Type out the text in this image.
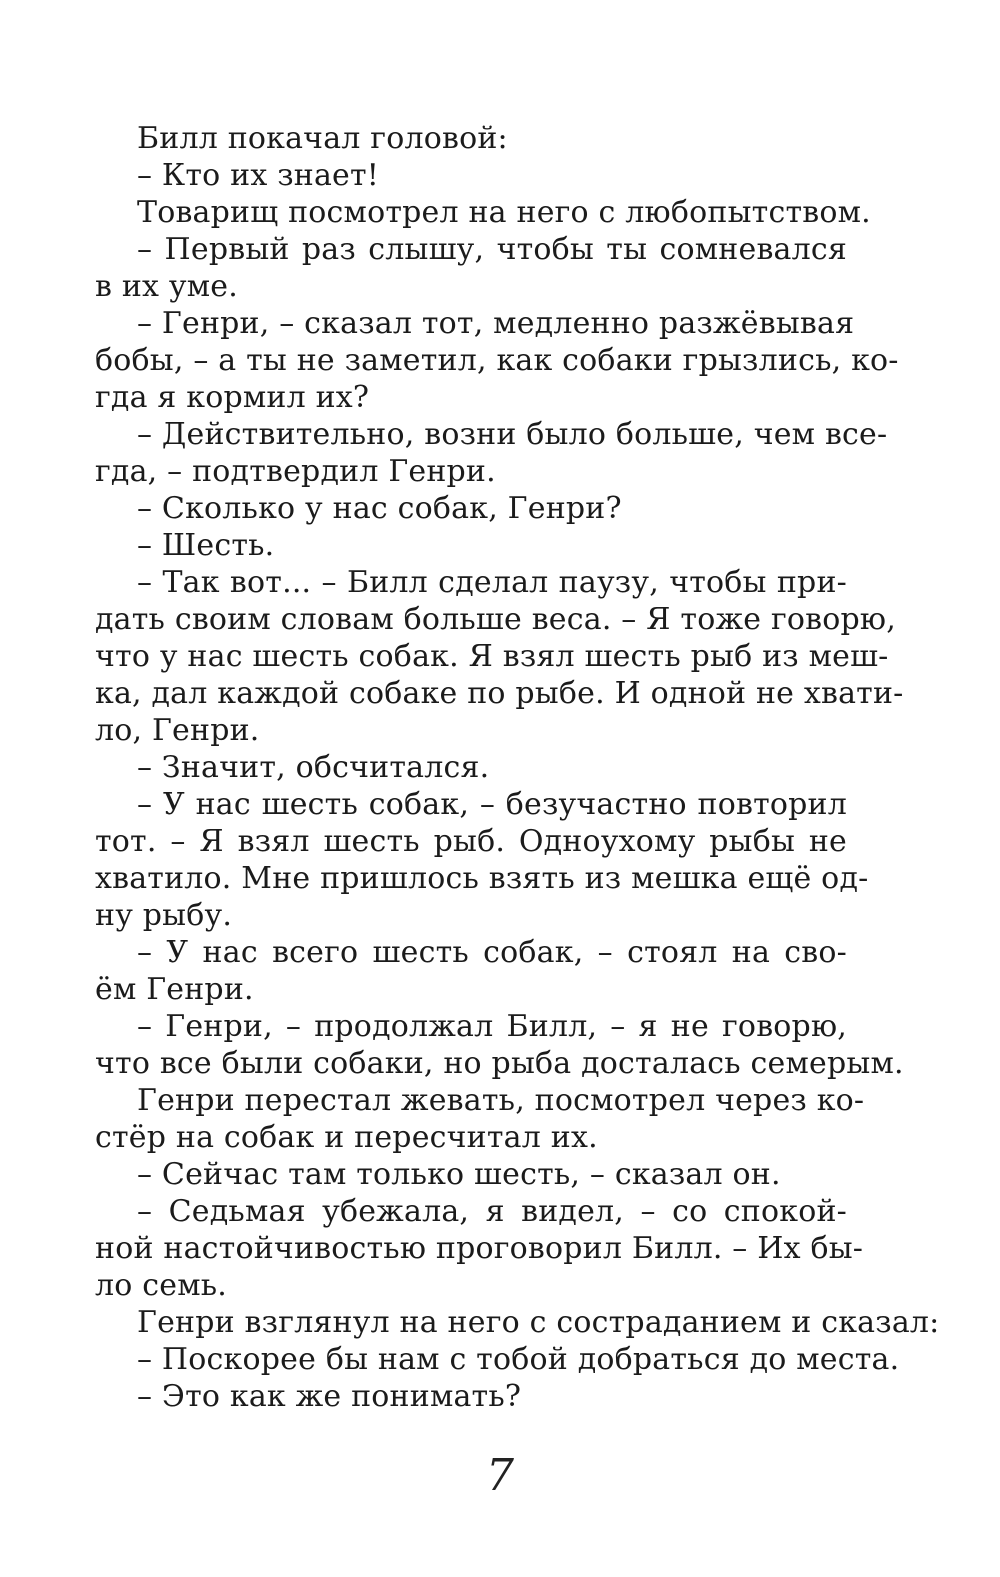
Билл покачал головой:
– Кто их знает!
Товарищ посмотрел на него с любопытством.
– Первый раз слышу, чтобы ты сомневался
в их уме.
– Генри, – сказал тот, медленно разжёвывая
бобы, – а ты не заметил, как собаки грызлись, ко-
гда я кормил их?
– Действительно, возни было больше, чем все-
гда, – подтвердил Генри.
– Сколько у нас собак, Генри?
– Шесть.
– Так вот... – Билл сделал паузу, чтобы при-
дать своим словам больше веса. – Я тоже говорю,
что у нас шесть собак. Я взял шесть рыб из меш-
ка, дал каждой собаке по рыбе. И одной не хвати-
ло, Генри.
– Значит, обсчитался.
– У нас шесть собак, – безучастно повторил
тот. – Я взял шесть рыб. Одноухому рыбы не
хватило. Мне пришлось взять из мешка ещё од-
ну рыбу.
– У нас всего шесть собак, – стоял на сво-
ём Генри.
– Генри, – продолжал Билл, – я не говорю,
что все были собаки, но рыба досталась семерым.
Генри перестал жевать, посмотрел через ко-
стёр на собак и пересчитал их.
– Сейчас там только шесть, – сказал он.
– Седьмая убежала, я видел, – со спокой-
ной настойчивостью проговорил Билл. – Их бы-
ло семь.
Генри взглянул на него с состраданием и сказал:
– Поскорее бы нам с тобой добраться до места.
– Это как же понимать?
7
